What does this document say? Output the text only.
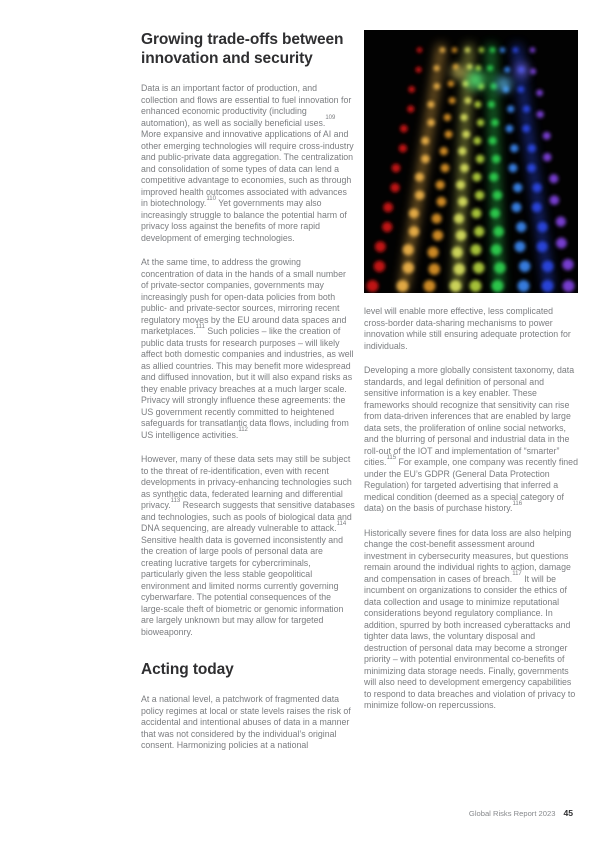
Growing trade-offs between innovation and security

Data is an important factor of production, and collection and flows are essential to fuel innovation for enhanced economic productivity (including automation), as well as socially beneficial uses.$^{109}$ More expansive and innovative applications of AI and other emerging technologies will require cross-industry and public-private data aggregation. The centralization and consolidation of some types of data can lend a competitive advantage to economies, such as through improved health outcomes associated with advances in biotechnology.$^{110}$ Yet governments may also increasingly struggle to balance the potential harm of privacy loss against the benefits of more rapid development of emerging technologies.

At the same time, to address the growing concentration of data in the hands of a small number of private-sector companies, governments may increasingly push for open-data policies from both public- and private-sector sources, mirroring recent regulatory moves by the EU around data spaces and marketplaces.$^{111}$ Such policies – like the creation of public data trusts for research purposes – will likely affect both domestic companies and industries, as well as allied countries. This may benefit more widespread and diffused innovation, but it will also expand risks as they enable privacy breaches at a much larger scale. Privacy will strongly influence these agreements: the US government recently committed to heightened safeguards for transatlantic data flows, including from US intelligence activities.$^{112}$

However, many of these data sets may still be subject to the threat of re-identification, even with recent developments in privacy-enhancing technologies such as synthetic data, federated learning and differential privacy.$^{113}$ Research suggests that sensitive databases and technologies, such as pools of biological data and DNA sequencing, are already vulnerable to attack.$^{114}$ Sensitive health data is governed inconsistently and the creation of large pools of personal data are creating lucrative targets for cybercriminals, particularly given the less stable geopolitical environment and limited norms currently governing cyberwarfare. The potential consequences of the large-scale theft of biometric or genomic information are largely unknown but may allow for targeted bioweaponry.

Acting today

At a national level, a patchwork of fragmented data policy regimes at local or state levels raises the risk of accidental and intentional abuses of data in a manner that was not considered by the individual’s original consent. Harmonizing policies at a national

level will enable more effective, less complicated cross-border data-sharing mechanisms to power innovation while still ensuring adequate protection for individuals.

Developing a more globally consistent taxonomy, data standards, and legal definition of personal and sensitive information is a key enabler. These frameworks should recognize that sensitivity can rise from data-driven inferences that are enabled by large data sets, the proliferation of online social networks, and the blurring of personal and industrial data in the roll-out of the IOT and implementation of “smarter” cities.$^{115}$ For example, one company was recently fined under the EU’s GDPR (General Data Protection Regulation) for targeted advertising that inferred a medical condition (deemed as a special category of data) on the basis of purchase history.$^{116}$

Historically severe fines for data loss are also helping change the cost-benefit assessment around investment in cybersecurity measures, but questions remain around the individual rights to action, damage and compensation in cases of breach.$^{117}$ It will be incumbent on organizations to consider the ethics of data collection and usage to minimize reputational considerations beyond regulatory compliance. In addition, spurred by both increased cyberattacks and tighter data laws, the voluntary disposal and destruction of personal data may become a stronger priority – with potential environmental co-benefits of minimizing data storage needs. Finally, governments will also need to development emergency capabilities to respond to data breaches and violation of privacy to minimize follow-on repercussions.

Global Risks Report 2023 45
